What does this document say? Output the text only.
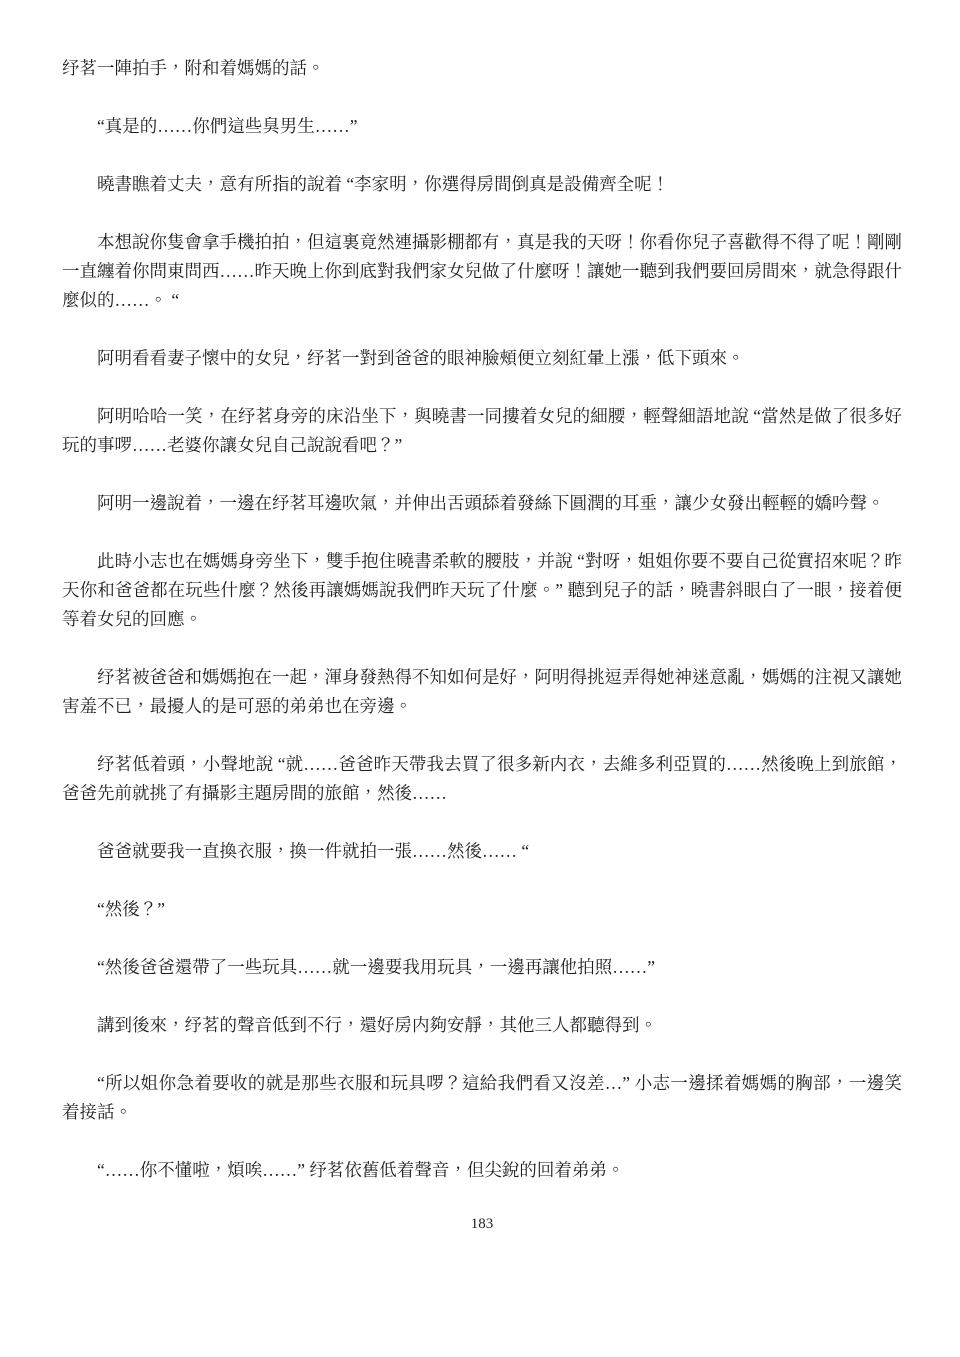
纾茗一陣拍手，附和着媽媽的話。

“真是的……你們這些臭男生……”

曉書瞧着丈夫，意有所指的說着 “李家明，你選得房間倒真是設備齊全呢！

本想說你隻會拿手機拍拍，但這裏竟然連攝影棚都有，真是我的天呀！你看你兒子喜歡得不得了呢！剛剛一直纏着你問東問西……昨天晚上你到底對我們家女兒做了什麼呀！讓她一聽到我們要回房間來，就急得跟什麼似的……。 “

阿明看看妻子懷中的女兒，纾茗一對到爸爸的眼神臉頰便立刻紅暈上漲，低下頭來。

阿明哈哈一笑，在纾茗身旁的床沿坐下，與曉書一同摟着女兒的細腰，輕聲細語地說 “當然是做了很多好玩的事啰……老婆你讓女兒自己說說看吧？”

阿明一邊說着，一邊在纾茗耳邊吹氣，并伸出舌頭舔着發絲下圓潤的耳垂，讓少女發出輕輕的嬌吟聲。

此時小志也在媽媽身旁坐下，雙手抱住曉書柔軟的腰肢，并說 “對呀，姐姐你要不要自己從實招來呢？昨天你和爸爸都在玩些什麼？然後再讓媽媽說我們昨天玩了什麼。” 聽到兒子的話，曉書斜眼白了一眼，接着便等着女兒的回應。

纾茗被爸爸和媽媽抱在一起，渾身發熱得不知如何是好，阿明得挑逗弄得她神迷意亂，媽媽的注視又讓她害羞不已，最擾人的是可惡的弟弟也在旁邊。

纾茗低着頭，小聲地說 “就……爸爸昨天帶我去買了很多新内衣，去維多利亞買的……然後晚上到旅館，爸爸先前就挑了有攝影主題房間的旅館，然後……

爸爸就要我一直換衣服，換一件就拍一張……然後…… “

“然後？”

“然後爸爸還帶了一些玩具……就一邊要我用玩具，一邊再讓他拍照……”

講到後來，纾茗的聲音低到不行，還好房内夠安靜，其他三人都聽得到。

“所以姐你急着要收的就是那些衣服和玩具啰？這給我們看又沒差…” 小志一邊揉着媽媽的胸部，一邊笑着接話。

“……你不懂啦，煩唉……” 纾茗依舊低着聲音，但尖銳的回着弟弟。

183
